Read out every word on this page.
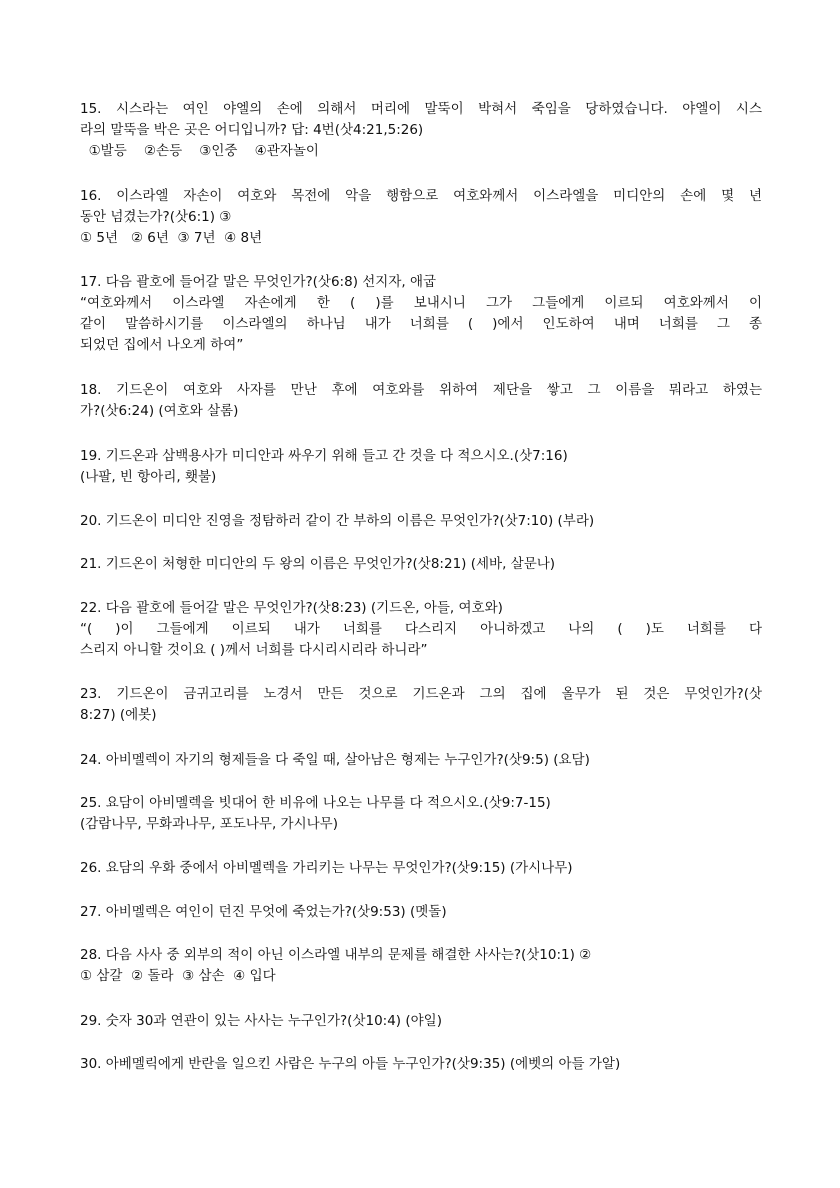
15. 시스라는 여인 야엘의 손에 의해서 머리에 말뚝이 박혀서 죽임을 당하였습니다. 야엘이 시스
라의 말뚝을 박은 곳은 어디입니까? 답: 4번(삿4:21,5:26)
①발등    ②손등    ③인중    ④관자놀이
16. 이스라엘 자손이 여호와 목전에 악을 행함으로 여호와께서 이스라엘을 미디안의 손에 몇 년
동안 넘겼는가?(삿6:1) ③
① 5년   ② 6년  ③ 7년  ④ 8년
17. 다음 괄호에 들어갈 말은 무엇인가?(삿6:8) 선지자, 애굽
“여호와께서 이스라엘 자손에게 한 ( )를 보내시니 그가 그들에게 이르되 여호와께서 이
같이 말씀하시기를 이스라엘의 하나님 내가 너희를 ( )에서 인도하여 내며 너희를 그 종
되었던 집에서 나오게 하여”
18. 기드온이 여호와 사자를 만난 후에 여호와를 위하여 제단을 쌓고 그 이름을 뭐라고 하였는
가?(삿6:24) (여호와 살롬)
19. 기드온과 삼백용사가 미디안과 싸우기 위해 들고 간 것을 다 적으시오.(삿7:16)
(나팔, 빈 항아리, 횃불)
20. 기드온이 미디안 진영을 정탐하러 같이 간 부하의 이름은 무엇인가?(삿7:10) (부라)
21. 기드온이 처형한 미디안의 두 왕의 이름은 무엇인가?(삿8:21) (세바, 살문나)
22. 다음 괄호에 들어갈 말은 무엇인가?(삿8:23) (기드온, 아들, 여호와)
“( )이 그들에게 이르되 내가 너희를 다스리지 아니하겠고 나의 ( )도 너희를 다
스리지 아니할 것이요 ( )께서 너희를 다시리시리라 하니라”
23. 기드온이 금귀고리를 노경서 만든 것으로 기드온과 그의 집에 올무가 된 것은 무엇인가?(삿
8:27) (에봇)
24. 아비멜렉이 자기의 형제들을 다 죽일 때, 살아남은 형제는 누구인가?(삿9:5) (요담)
25. 요담이 아비멜렉을 빗대어 한 비유에 나오는 나무를 다 적으시오.(삿9:7-15)
(감람나무, 무화과나무, 포도나무, 가시나무)
26. 요담의 우화 중에서 아비멜렉을 가리키는 나무는 무엇인가?(삿9:15) (가시나무)
27. 아비멜렉은 여인이 던진 무엇에 죽었는가?(삿9:53) (멧돌)
28. 다음 사사 중 외부의 적이 아닌 이스라엘 내부의 문제를 해결한 사사는?(삿10:1) ②
① 삼갈  ② 돌라  ③ 삼손  ④ 입다
29. 숫자 30과 연관이 있는 사사는 누구인가?(삿10:4) (야일)
30. 아베멜릭에게 반란을 일으킨 사람은 누구의 아들 누구인가?(삿9:35) (에벳의 아들 가알)
